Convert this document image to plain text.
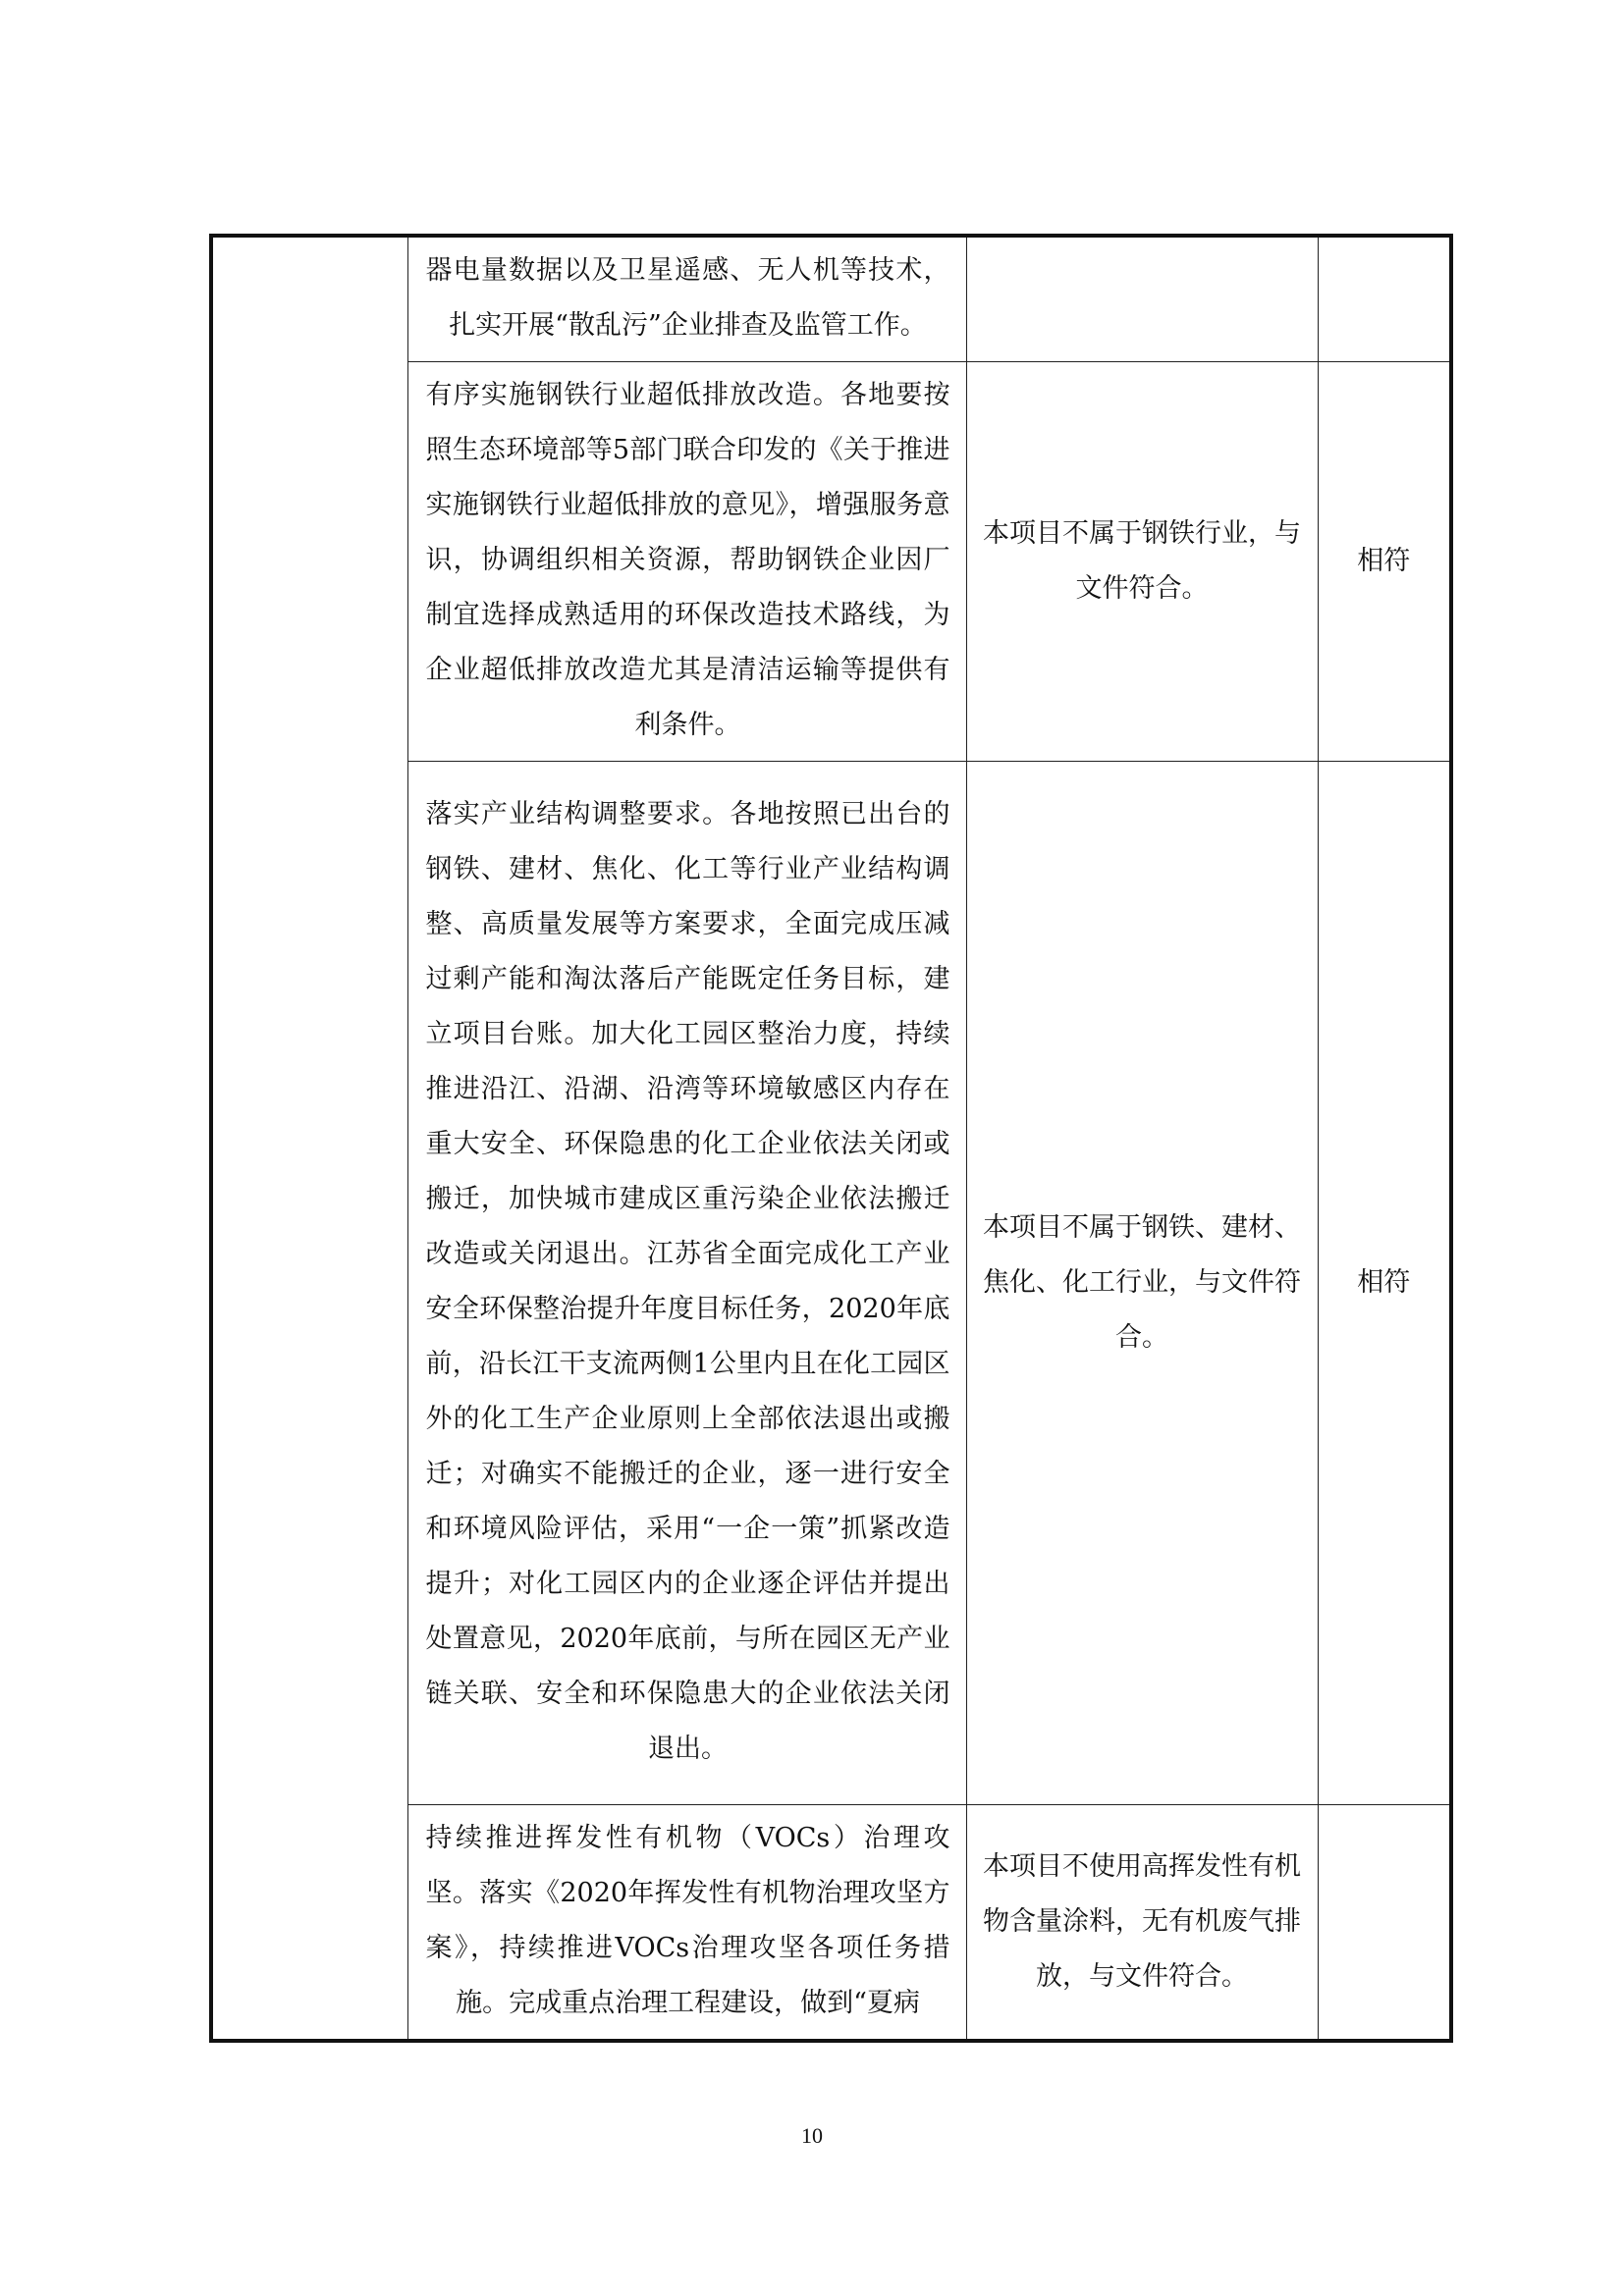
	器电量数据以及卫星遥感、无人机等技术，扎实开展“散乱污”企业排查及监管工作。		
	有序实施钢铁行业超低排放改造。各地要按照生态环境部等5部门联合印发的《关于推进实施钢铁行业超低排放的意见》，增强服务意识，协调组织相关资源，帮助钢铁企业因厂制宜选择成熟适用的环保改造技术路线，为企业超低排放改造尤其是清洁运输等提供有利条件。	本项目不属于钢铁行业，与文件符合。	相符
	落实产业结构调整要求。各地按照已出台的钢铁、建材、焦化、化工等行业产业结构调整、高质量发展等方案要求，全面完成压减过剩产能和淘汰落后产能既定任务目标，建立项目台账。加大化工园区整治力度，持续推进沿江、沿湖、沿湾等环境敏感区内存在重大安全、环保隐患的化工企业依法关闭或搬迁，加快城市建成区重污染企业依法搬迁改造或关闭退出。江苏省全面完成化工产业安全环保整治提升年度目标任务，2020年底前，沿长江干支流两侧1公里内且在化工园区外的化工生产企业原则上全部依法退出或搬迁；对确实不能搬迁的企业，逐一进行安全和环境风险评估，采用“一企一策”抓紧改造提升；对化工园区内的企业逐企评估并提出处置意见，2020年底前，与所在园区无产业链关联、安全和环保隐患大的企业依法关闭退出。	本项目不属于钢铁、建材、焦化、化工行业，与文件符合。	相符
	持续推进挥发性有机物（VOCs）治理攻坚。落实《2020年挥发性有机物治理攻坚方案》，持续推进VOCs治理攻坚各项任务措施。完成重点治理工程建设，做到“夏病	本项目不使用高挥发性有机物含量涂料，无有机废气排放，与文件符合。	
10
